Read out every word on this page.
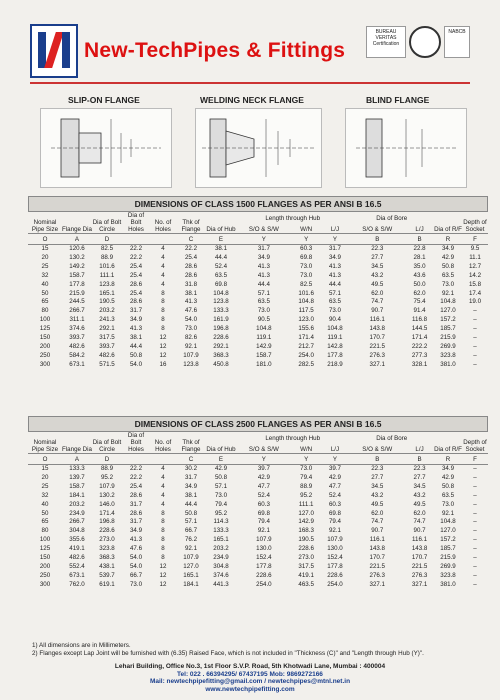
New-TechPipes & Fittings
BUREAU VERITAS Certification
NABCB
SLIP-ON FLANGE	WELDING NECK FLANGE	BLIND FLANGE
DIMENSIONS OF CLASS 1500 FLANGES AS PER ANSI B 16.5
Nominal Pipe Size	Flange Dia	Dia of Bolt Circle	Dia of Bolt Holes	No. of Holes	Thk of Flange	Dia of Hub	Length through Hub			Dia of Bore		Dia of R/F	Depth of Socket
							S/O & S/W	W/N	L/J	S/O & S/W	L/J		
O	A	D			C	E	Y	Y	Y	B	B	R	F
15	120.6	82.5	22.2	4	22.2	38.1	31.7	60.3	31.7	22.3	22.8	34.9	9.5
20	130.2	88.9	22.2	4	25.4	44.4	34.9	69.8	34.9	27.7	28.1	42.9	11.1
25	149.2	101.6	25.4	4	28.6	52.4	41.3	73.0	41.3	34.5	35.0	50.8	12.7
32	158.7	111.1	25.4	4	28.6	63.5	41.3	73.0	41.3	43.2	43.6	63.5	14.2
40	177.8	123.8	28.6	4	31.8	69.8	44.4	82.5	44.4	49.5	50.0	73.0	15.8
50	215.9	165.1	25.4	8	38.1	104.8	57.1	101.6	57.1	62.0	62.0	92.1	17.4
65	244.5	190.5	28.6	8	41.3	123.8	63.5	104.8	63.5	74.7	75.4	104.8	19.0
80	266.7	203.2	31.7	8	47.6	133.3	73.0	117.5	73.0	90.7	91.4	127.0	–
100	311.1	241.3	34.9	8	54.0	161.9	90.5	123.0	90.4	116.1	116.8	157.2	–
125	374.6	292.1	41.3	8	73.0	196.8	104.8	155.6	104.8	143.8	144.5	185.7	–
150	393.7	317.5	38.1	12	82.6	228.6	119.1	171.4	119.1	170.7	171.4	215.9	–
200	482.6	393.7	44.4	12	92.1	292.1	142.9	212.7	142.8	221.5	222.2	269.9	–
250	584.2	482.6	50.8	12	107.9	368.3	158.7	254.0	177.8	276.3	277.3	323.8	–
300	673.1	571.5	54.0	16	123.8	450.8	181.0	282.5	218.9	327.1	328.1	381.0	–
DIMENSIONS OF CLASS 2500 FLANGES AS PER ANSI B 16.5
Nominal Pipe Size	Flange Dia	Dia of Bolt Circle	Dia of Bolt Holes	No. of Holes	Thk of Flange	Dia of Hub	Length through Hub			Dia of Bore		Dia of R/F	Depth of Socket
							S/O & S/W	W/N	L/J	S/O & S/W	L/J		
O	A	D			C	E	Y	Y	Y	B	B	R	F
15	133.3	88.9	22.2	4	30.2	42.9	39.7	73.0	39.7	22.3	22.3	34.9	–
20	139.7	95.2	22.2	4	31.7	50.8	42.9	79.4	42.9	27.7	27.7	42.9	–
25	158.7	107.9	25.4	4	34.9	57.1	47.7	88.9	47.7	34.5	34.5	50.8	–
32	184.1	130.2	28.6	4	38.1	73.0	52.4	95.2	52.4	43.2	43.2	63.5	–
40	203.2	146.0	31.7	4	44.4	79.4	60.3	111.1	60.3	49.5	49.5	73.0	–
50	234.9	171.4	28.6	8	50.8	95.2	69.8	127.0	69.8	62.0	62.0	92.1	–
65	266.7	196.8	31.7	8	57.1	114.3	79.4	142.9	79.4	74.7	74.7	104.8	–
80	304.8	228.6	34.9	8	66.7	133.3	92.1	168.3	92.1	90.7	90.7	127.0	–
100	355.6	273.0	41.3	8	76.2	165.1	107.9	190.5	107.9	116.1	116.1	157.2	–
125	419.1	323.8	47.6	8	92.1	203.2	130.0	228.6	130.0	143.8	143.8	185.7	–
150	482.6	368.3	54.0	8	107.9	234.9	152.4	273.0	152.4	170.7	170.7	215.9	–
200	552.4	438.1	54.0	12	127.0	304.8	177.8	317.5	177.8	221.5	221.5	269.9	–
250	673.1	539.7	66.7	12	165.1	374.6	228.6	419.1	228.6	276.3	276.3	323.8	–
300	762.0	619.1	73.0	12	184.1	441.3	254.0	463.5	254.0	327.1	327.1	381.0	–
1) All dimensions are in Millimeters.
2) Flanges except Lap Joint will be furnished with (6.35) Raised Face, which is not included in "Thickness (C)" and "Length through Hub (Y)".
Lehari Building, Office No.3, 1st Floor S.V.P. Road, 5th Khotwadi Lane, Mumbai : 400004
Tel: 022 . 66394295/ 67437195 Mob: 9869272166
Mail: newtechpipefitting@gmail.com / newtechpipes@mtnl.net.in
www.newtechpipefitting.com
